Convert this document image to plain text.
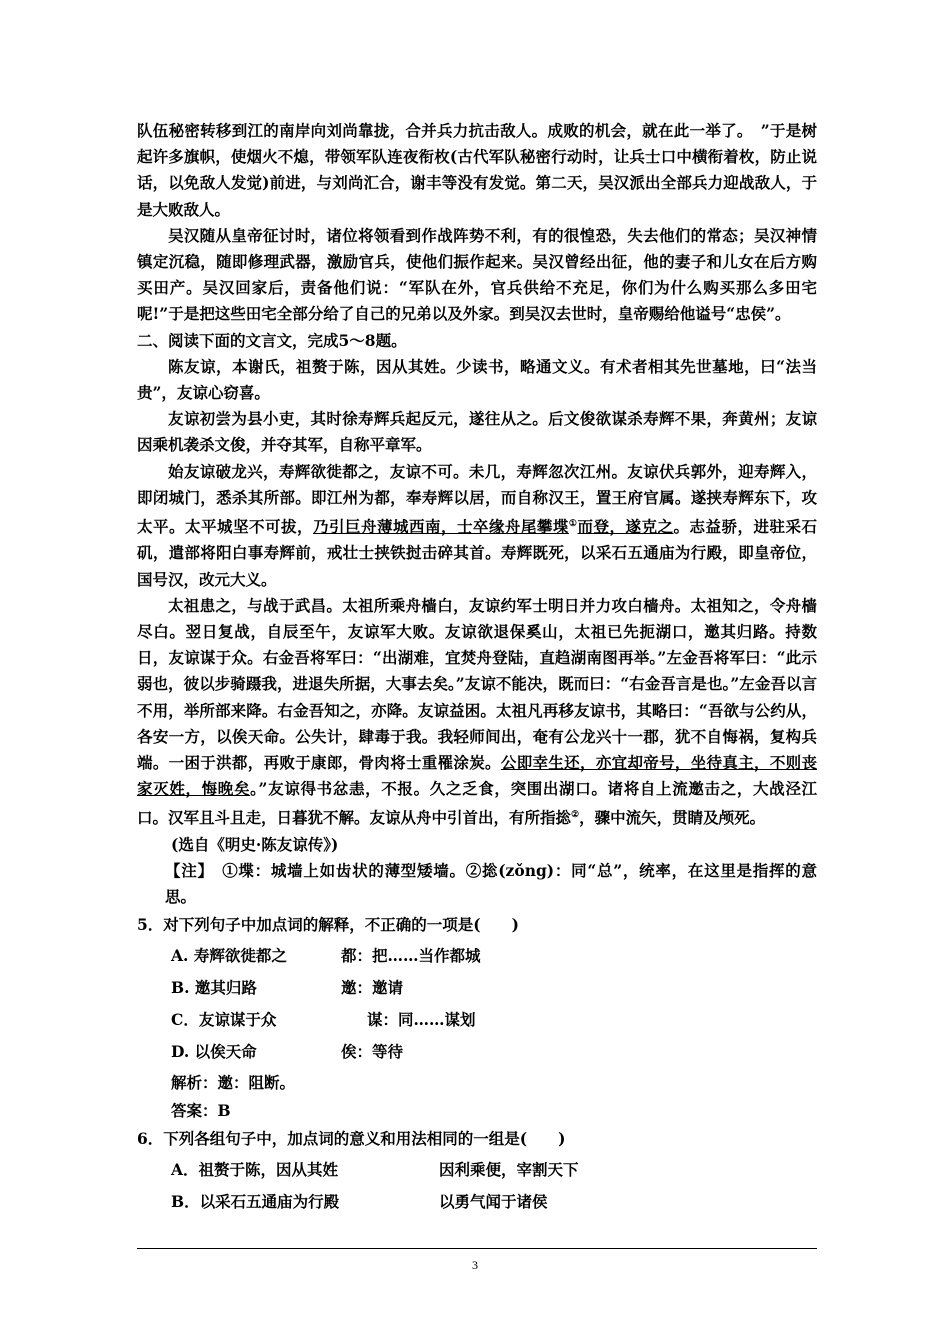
队伍秘密转移到江的南岸向刘尚靠拢，合并兵力抗击敌人。成败的机会，就在此一举了。　”于是树起许多旗帜，使烟火不熄，带领军队连夜衔枚(古代军队秘密行动时，让兵士口中横衔着枚，防止说话，以免敌人发觉)前进，与刘尚汇合，谢丰等没有发觉。第二天，吴汉派出全部兵力迎战敌人，于是大败敌人。

吴汉随从皇帝征讨时，诸位将领看到作战阵势不利，有的很惶恐，失去他们的常态；吴汉神情镇定沉稳，随即修理武器，激励官兵，使他们振作起来。吴汉曾经出征，他的妻子和儿女在后方购买田产。吴汉回家后，责备他们说：“军队在外，官兵供给不充足，你们为什么购买那么多田宅呢!”于是把这些田宅全部分给了自己的兄弟以及外家。到吴汉去世时，皇帝赐给他谥号“忠侯”。

二、阅读下面的文言文，完成5～8题。

陈友谅，本谢氏，祖赘于陈，因从其姓。少读书，略通文义。有术者相其先世墓地，曰“法当贵”，友谅心窃喜。

友谅初尝为县小吏，其时徐寿辉兵起反元，遂往从之。后文俊欲谋杀寿辉不果，奔黄州；友谅因乘机袭杀文俊，并夺其军，自称平章军。

始友谅破龙兴，寿辉欲徙都之，友谅不可。未几，寿辉忽次江州。友谅伏兵郭外，迎寿辉入，即闭城门，悉杀其所部。即江州为都，奉寿辉以居，而自称汉王，置王府官属。遂挟寿辉东下，攻太平。太平城坚不可拔，乃引巨舟薄城西南，士卒缘舟尾攀堞①而登，遂克之。志益骄，进驻采石矶，遣部将阳白事寿辉前，戒壮士挟铁挝击碎其首。寿辉既死，以采石五通庙为行殿，即皇帝位，国号汉，改元大义。

太祖患之，与战于武昌。太祖所乘舟樯白，友谅约军士明日并力攻白樯舟。太祖知之，令舟樯尽白。翌日复战，自辰至午，友谅军大败。友谅欲退保奚山，太祖已先扼湖口，邀其归路。持数日，友谅谋于众。右金吾将军曰：“出湖难，宜焚舟登陆，直趋湖南图再举。”左金吾将军曰：“此示弱也，彼以步骑蹑我，进退失所据，大事去矣。”友谅不能决，既而曰：“右金吾言是也。”左金吾以言不用，举所部来降。右金吾知之，亦降。友谅益困。太祖凡再移友谅书，其略曰：“吾欲与公约从，各安一方，以俟天命。公失计，肆毒于我。我轻师间出，奄有公龙兴十一郡，犹不自悔祸，复构兵端。一困于洪都，再败于康郎，骨肉将士重罹涂炭。公即幸生还，亦宜却帝号，坐待真主，不则丧家灭姓，悔晚矣。”友谅得书忿恚，不报。久之乏食，突围出湖口。诸将自上流邀击之，大战泾江口。汉军且斗且走，日暮犹不解。友谅从舟中引首出，有所指捴②，骤中流矢，贯睛及颅死。

(选自《明史·陈友谅传》)

【注】　①堞：城墙上如齿状的薄型矮墙。②捴(zǒng)：同“总”，统率，在这里是指挥的意思。

5．对下列句子中加点词的解释，不正确的一项是(　　)

A. 寿辉欲徙都之	都：把……当作都城
B. 邀其归路	邀：邀请
C．友谅谋于众	谋：同……谋划
D. 以俟天命	俟：等待

解析：邀：阻断。

答案：B

6．下列各组句子中，加点词的意义和用法相同的一组是(　　)

A．祖赘于陈，因从其姓	因利乘便，宰割天下
B．以采石五通庙为行殿	以勇气闻于诸侯
3
